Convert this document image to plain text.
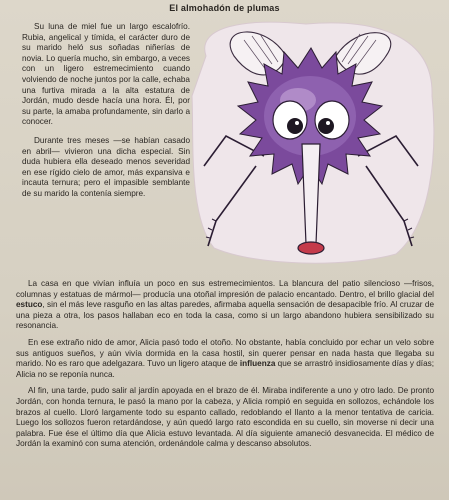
El almohadón de plumas

Su luna de miel fue un largo escalofrío. Rubia, angelical y tímida, el carácter duro de su marido heló sus soñadas niñerías de novia. Lo quería mucho, sin embargo, a veces con un ligero estremecimiento cuando volviendo de noche juntos por la calle, echaba una furtiva mirada a la alta estatura de Jordán, mudo desde hacía una hora. Él, por su parte, la amaba profundamente, sin darlo a conocer.

Durante tres meses —se habían casado en abril— vivieron una dicha especial. Sin duda hubiera ella deseado menos severidad en ese rígido cielo de amor, más expansiva e incauta ternura; pero el impasible semblante de su marido la contenía siempre.

La casa en que vivían influía un poco en sus estremecimientos. La blancura del patio silencioso —frisos, columnas y estatuas de mármol— producía una otoñal impresión de palacio encantado. Dentro, el brillo glacial del estuco, sin el más leve rasguño en las altas paredes, afirmaba aquella sensación de desapacible frío. Al cruzar de una pieza a otra, los pasos hallaban eco en toda la casa, como si un largo abandono hubiera sensibilizado su resonancia.

En ese extraño nido de amor, Alicia pasó todo el otoño. No obstante, había concluido por echar un velo sobre sus antiguos sueños, y aún vivía dormida en la casa hostil, sin querer pensar en nada hasta que llegaba su marido. No es raro que adelgazara. Tuvo un ligero ataque de influenza que se arrastró insidiosamente días y días; Alicia no se reponía nunca.

Al fin, una tarde, pudo salir al jardín apoyada en el brazo de él. Miraba indiferente a uno y otro lado. De pronto Jordán, con honda ternura, le pasó la mano por la cabeza, y Alicia rompió en seguida en sollozos, echándole los brazos al cuello. Lloró largamente todo su espanto callado, redoblando el llanto a la menor tentativa de caricia. Luego los sollozos fueron retardándose, y aún quedó largo rato escondida en su cuello, sin moverse ni decir una palabra. Fue ése el último día que Alicia estuvo levantada. Al día siguiente amaneció desvanecida. El médico de Jordán la examinó con suma atención, ordenándole calma y descanso absolutos.
